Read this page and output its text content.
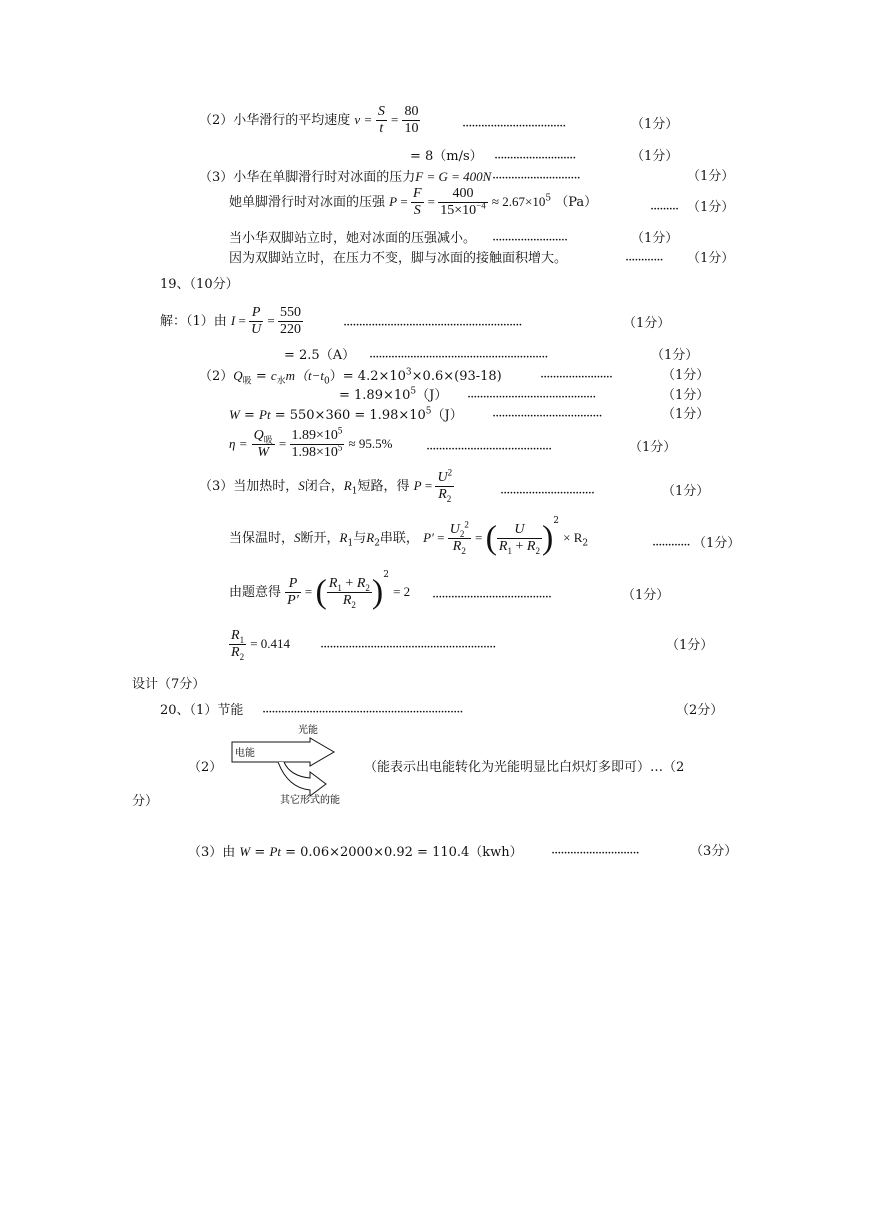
（2）小华滑行的平均速度 $v = \frac{S}{t} = \frac{80}{10}$	·································	（1分）
= 8（m/s） ··························	（1分）
（3）小华在单脚滑行时对冰面的压力F = G = 400N ····························	（1分）
她单脚滑行时对冰面的压强 $P = \frac{F}{S} = \frac{400}{15\times 10^{-4}} \approx 2.67\times 10^5$ （Pa）	········· （1分）
当小华双脚站立时，她对冰面的压强减小。 ························	（1分）
因为双脚站立时，在压力不变，脚与冰面的接触面积增大。	············ （1分）
19、（10分）
解：（1）由 $I = \frac{P}{U} = \frac{550}{220}$	·························································	（1分）
= 2.5（A） ·························································	（1分）
$(2)Q_吸 = c_水m(t-t_0)= 4.2\times 10^3\times 0.6\times(93-18)$	·······················	（1分）
= $1.89\times 10^5(J)$ ·········································	（1分）
$W = Pt = 550\times 360 = 1.98\times 10^5(J)$ ···································	（1分）
$\eta = \frac{Q_吸}{W} = \frac{1.89\times 10^5}{1.98\times 10^5} \approx 95.5\%$	········································	（1分）
（3）当加热时，S闭合，$R_1$短路，得 $P = \frac{U^2}{R_2}$	······························	（1分）
当保温时，S断开，$R_1$与$R_2$串联， $P' = \frac{U_2^2}{R_2}$ = ( $\frac{U}{R_1 + R_2} )^2 \times R_2$	············ （1分）
由题意得 $\frac{P}{P'}$ = ( $\frac{R_1 + R_2}{R_2} )^2 = 2$ ······································	（1分）
$\frac{R_1}{R_2} = 0.414$ ························································	（1分）
设计（7分）
20、（1）节能 ································································	（2分）
（2）
电能
光能
其它形式的能
（能表示出电能转化为光能明显比白炽灯多即可）…（2
分）
（3）由 W = Pt = 0.06×2000×0.92 = 110.4（kwh） ····························	（3分）
